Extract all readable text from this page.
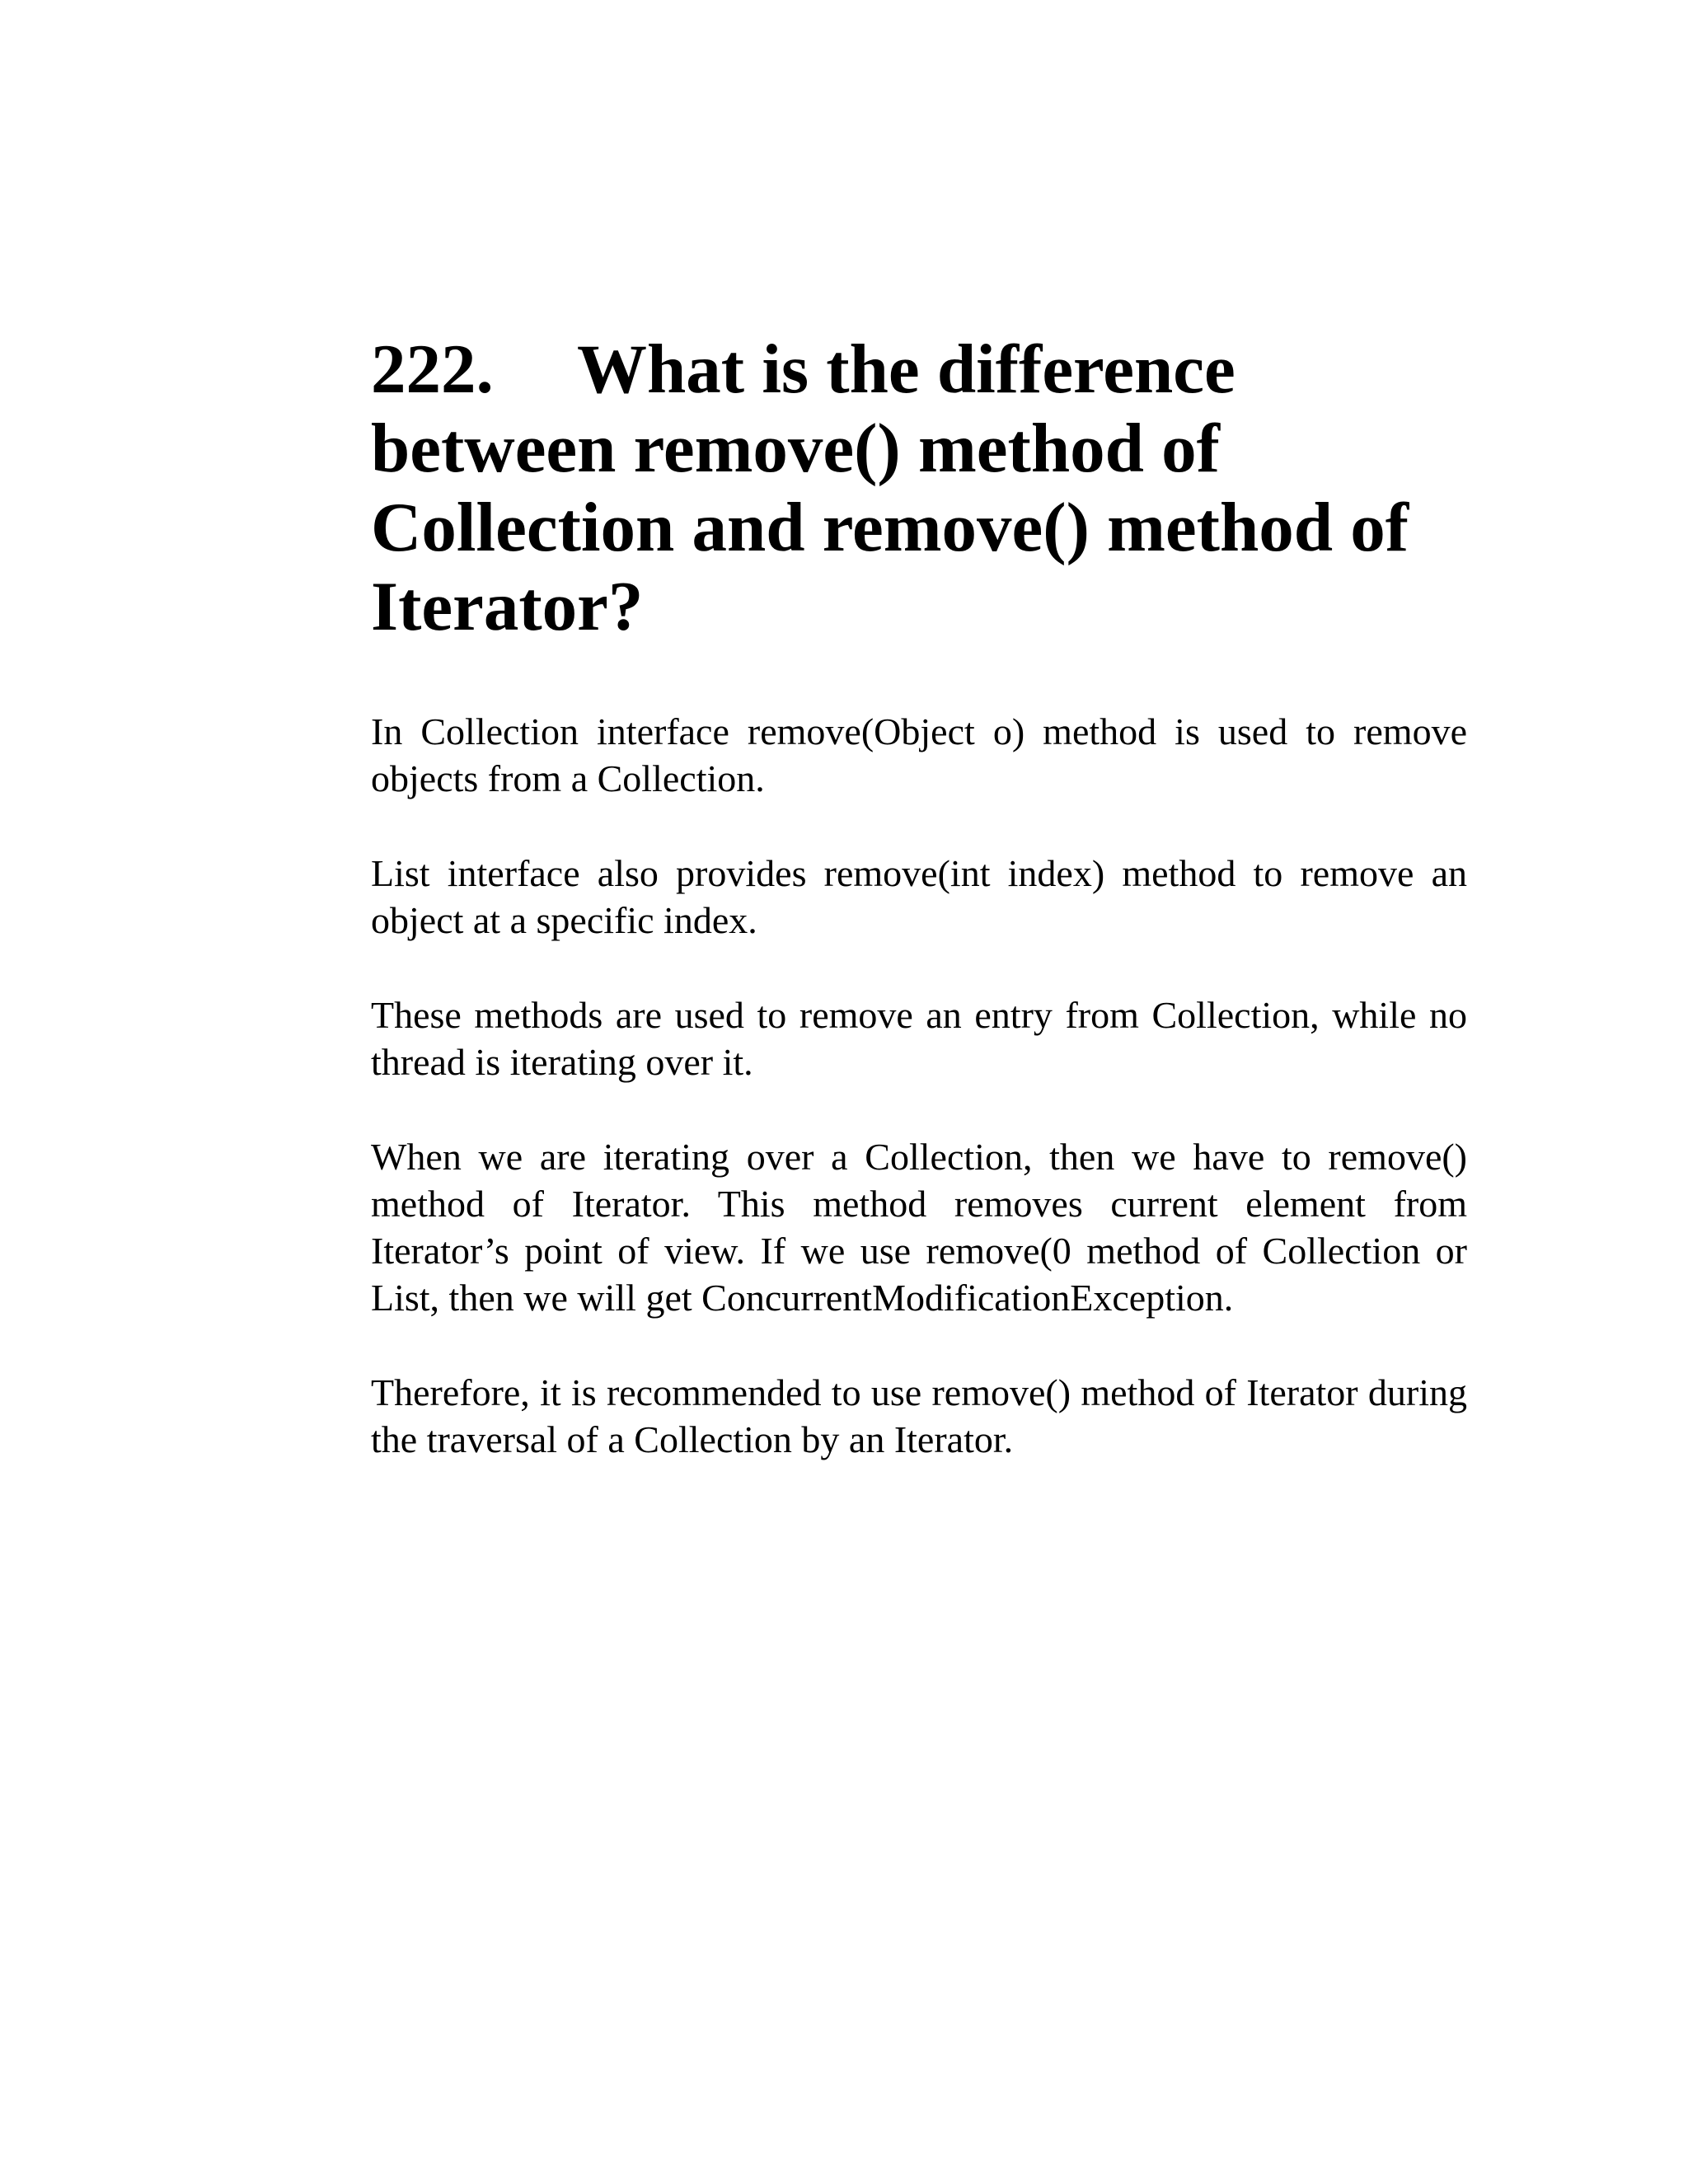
222. What is the difference between remove() method of Collection and remove() method of Iterator?

In Collection interface remove(Object o) method is used to remove objects from a Collection.

List interface also provides remove(int index) method to remove an object at a specific index.

These methods are used to remove an entry from Collection, while no thread is iterating over it.

When we are iterating over a Collection, then we have to remove() method of Iterator. This method removes current element from Iterator’s point of view. If we use remove(0 method of Collection or List, then we will get ConcurrentModificationException.

Therefore, it is recommended to use remove() method of Iterator during the traversal of a Collection by an Iterator.
